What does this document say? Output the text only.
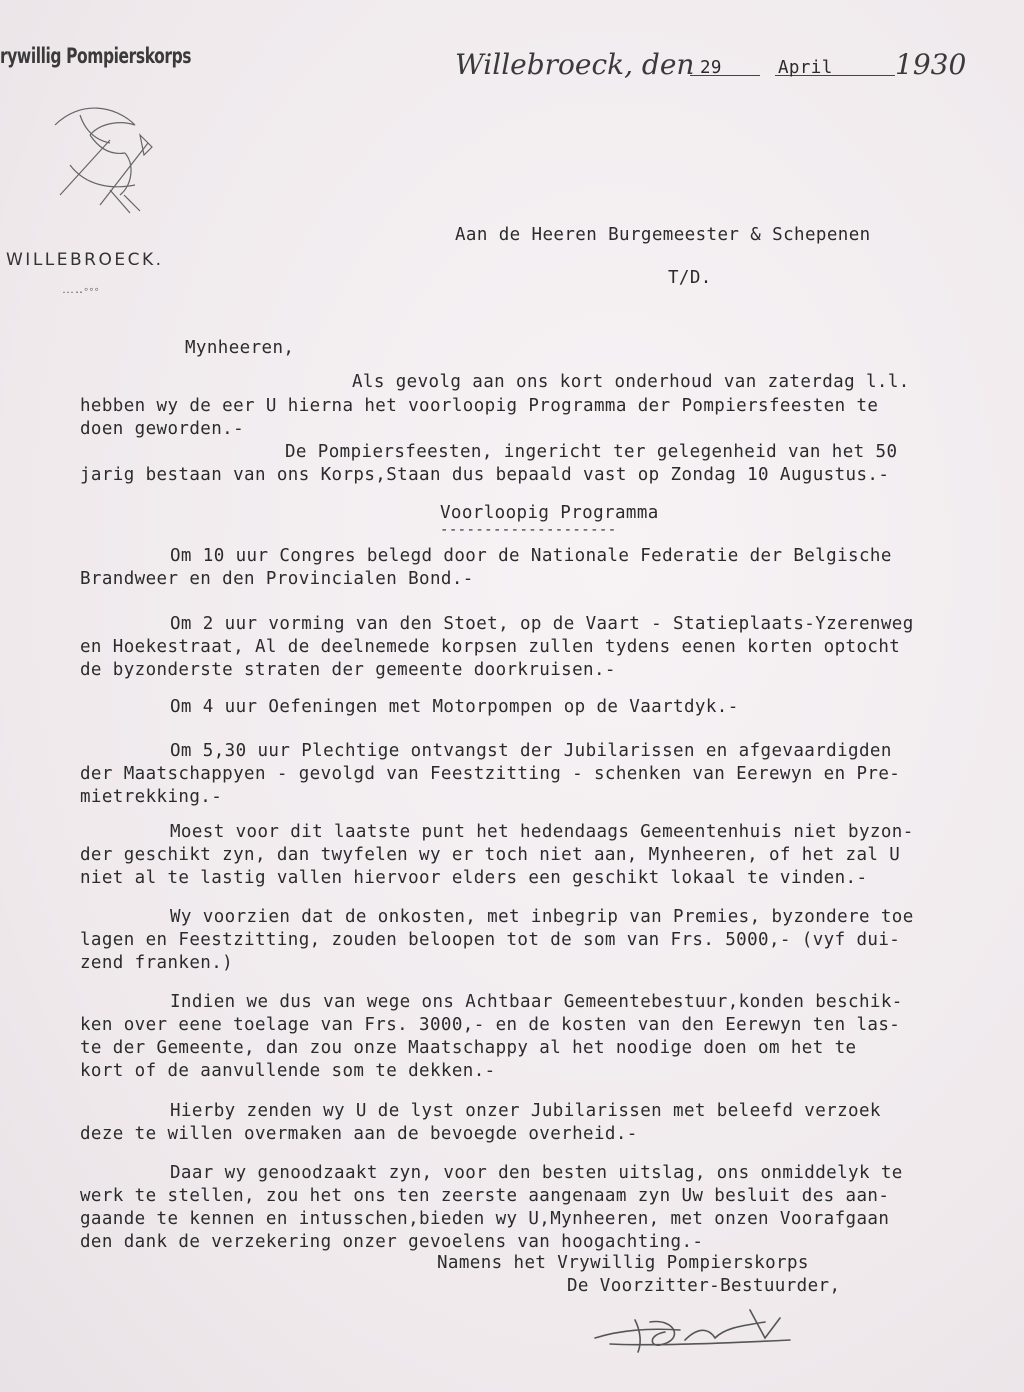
rywillig Pompierskorps
WILLEBROECK.
…‥◦◦◦
Willebroeck, den 29	April 1930
Aan de Heeren Burgemeester & Schepenen
T/D.
Mynheeren,
Als gevolg aan ons kort onderhoud van zaterdag l.l.
hebben wy de eer U hierna het voorloopig Programma der Pompiersfeesten te
doen geworden.-
De Pompiersfeesten, ingericht ter gelegenheid van het 50
jarig bestaan van ons Korps,Staan dus bepaald vast op Zondag 10 Augustus.-
Voorloopig Programma
--------------------
Om 10 uur Congres belegd door de Nationale Federatie der Belgische
Brandweer en den Provincialen Bond.-
Om 2 uur vorming van den Stoet, op de Vaart - Statieplaats-Yzerenweg
en Hoekestraat, Al de deelnemede korpsen zullen tydens eenen korten optocht
de byzonderste straten der gemeente doorkruisen.-
Om 4 uur Oefeningen met Motorpompen op de Vaartdyk.-
Om 5,30 uur Plechtige ontvangst der Jubilarissen en afgevaardigden
der Maatschappyen - gevolgd van Feestzitting - schenken van Eerewyn en Pre-
mietrekking.-
Moest voor dit laatste punt het hedendaags Gemeentenhuis niet byzon-
der geschikt zyn, dan twyfelen wy er toch niet aan, Mynheeren, of het zal U
niet al te lastig vallen hiervoor elders een geschikt lokaal te vinden.-
Wy voorzien dat de onkosten, met inbegrip van Premies, byzondere toe
lagen en Feestzitting, zouden beloopen tot de som van Frs. 5000,- (vyf dui-
zend franken.)
Indien we dus van wege ons Achtbaar Gemeentebestuur,konden beschik-
ken over eene toelage van Frs. 3000,- en de kosten van den Eerewyn ten las-
te der Gemeente, dan zou onze Maatschappy al het noodige doen om het te
kort of de aanvullende som te dekken.-
Hierby zenden wy U de lyst onzer Jubilarissen met beleefd verzoek
deze te willen overmaken aan de bevoegde overheid.-
Daar wy genoodzaakt zyn, voor den besten uitslag, ons onmiddelyk te
werk te stellen, zou het ons ten zeerste aangenaam zyn Uw besluit des aan-
gaande te kennen en intusschen,bieden wy U,Mynheeren, met onzen Voorafgaan
den dank de verzekering onzer gevoelens van hoogachting.-
Namens het Vrywillig Pompierskorps
De Voorzitter-Bestuurder,
